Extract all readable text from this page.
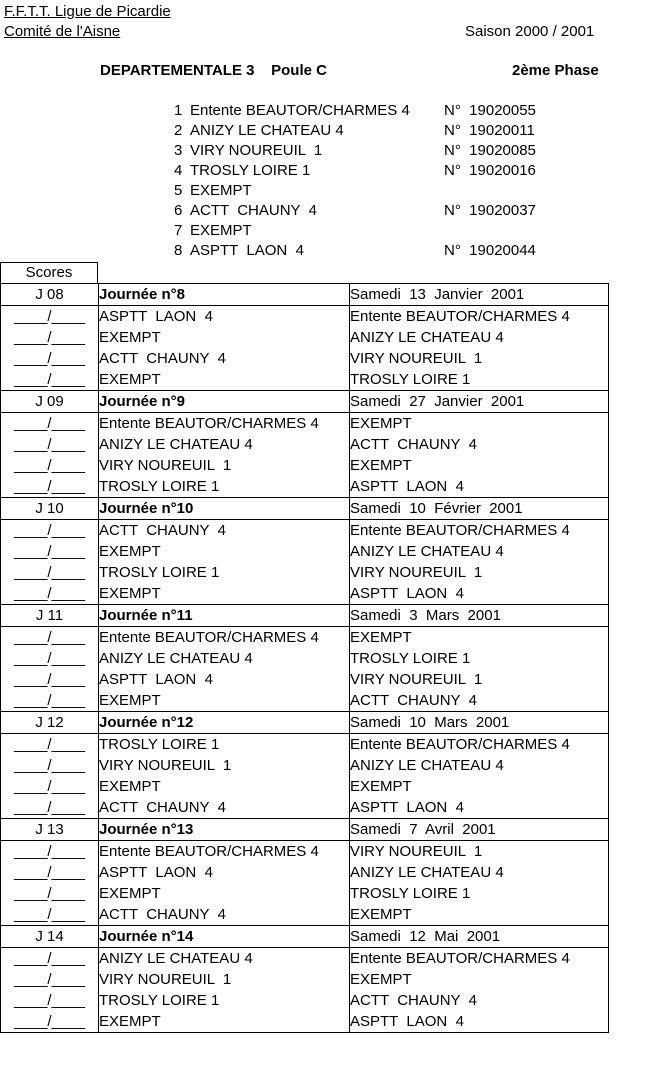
F.F.T.T. Ligue de Picardie
Comité de l'Aisne	Saison 2000 / 2001
DEPARTEMENTALE 3    Poule C	2ème Phase
1 Entente BEAUTOR/CHARMES 4 N°  19020055
2 ANIZY LE CHATEAU 4	N°  19020011
3 VIRY NOUREUIL  1	N°  19020085
4 TROSLY LOIRE 1	N°  19020016
5 EXEMPT
6 ACTT  CHAUNY  4	N°  19020037
7 EXEMPT
8 ASPTT  LAON  4	N°  19020044
Scores
J 08	Journée n°8	Samedi  13  Janvier  2001
____/____	ASPTT  LAON  4	Entente BEAUTOR/CHARMES 4
____/____	EXEMPT	ANIZY LE CHATEAU 4
____/____	ACTT  CHAUNY  4	VIRY NOUREUIL  1
____/____	EXEMPT	TROSLY LOIRE 1
J 09	Journée n°9	Samedi  27  Janvier  2001
____/____	Entente BEAUTOR/CHARMES 4	EXEMPT
____/____	ANIZY LE CHATEAU 4	ACTT  CHAUNY  4
____/____	VIRY NOUREUIL  1	EXEMPT
____/____	TROSLY LOIRE 1	ASPTT  LAON  4
J 10	Journée n°10	Samedi  10  Février  2001
____/____	ACTT  CHAUNY  4	Entente BEAUTOR/CHARMES 4
____/____	EXEMPT	ANIZY LE CHATEAU 4
____/____	TROSLY LOIRE 1	VIRY NOUREUIL  1
____/____	EXEMPT	ASPTT  LAON  4
J 11	Journée n°11	Samedi  3  Mars  2001
____/____	Entente BEAUTOR/CHARMES 4	EXEMPT
____/____	ANIZY LE CHATEAU 4	TROSLY LOIRE 1
____/____	ASPTT  LAON  4	VIRY NOUREUIL  1
____/____	EXEMPT	ACTT  CHAUNY  4
J 12	Journée n°12	Samedi  10  Mars  2001
____/____	TROSLY LOIRE 1	Entente BEAUTOR/CHARMES 4
____/____	VIRY NOUREUIL  1	ANIZY LE CHATEAU 4
____/____	EXEMPT	EXEMPT
____/____	ACTT  CHAUNY  4	ASPTT  LAON  4
J 13	Journée n°13	Samedi  7  Avril  2001
____/____	Entente BEAUTOR/CHARMES 4	VIRY NOUREUIL  1
____/____	ASPTT  LAON  4	ANIZY LE CHATEAU 4
____/____	EXEMPT	TROSLY LOIRE 1
____/____	ACTT  CHAUNY  4	EXEMPT
J 14	Journée n°14	Samedi  12  Mai  2001
____/____	ANIZY LE CHATEAU 4	Entente BEAUTOR/CHARMES 4
____/____	VIRY NOUREUIL  1	EXEMPT
____/____	TROSLY LOIRE 1	ACTT  CHAUNY  4
____/____	EXEMPT	ASPTT  LAON  4
